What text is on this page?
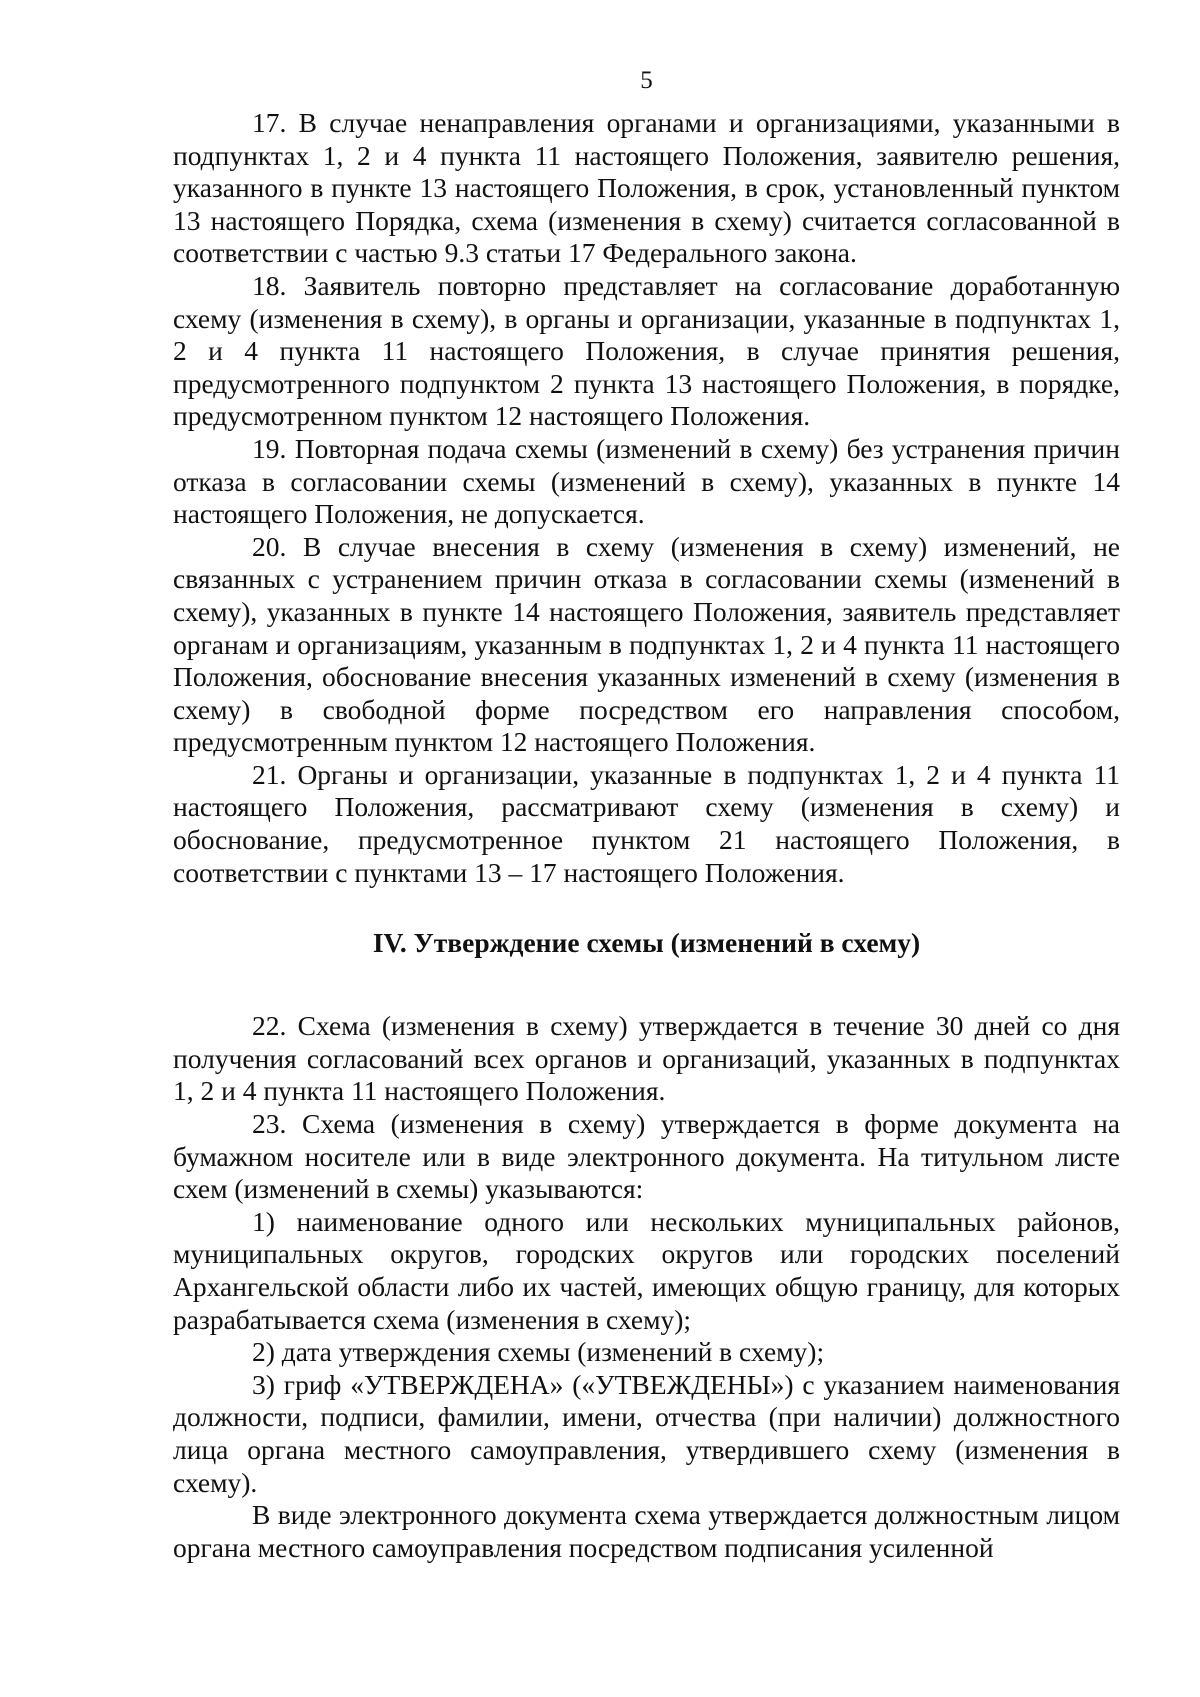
5

17. В случае ненаправления органами и организациями, указанными в подпунктах 1, 2 и 4 пункта 11 настоящего Положения, заявителю решения, указанного в пункте 13 настоящего Положения, в срок, установленный пунктом 13 настоящего Порядка, схема (изменения в схему) считается согласованной в соответствии с частью 9.3 статьи 17 Федерального закона.

18. Заявитель повторно представляет на согласование доработанную схему (изменения в схему), в органы и организации, указанные в подпунктах 1, 2 и 4 пункта 11 настоящего Положения, в случае принятия решения, предусмотренного подпунктом 2 пункта 13 настоящего Положения, в порядке, предусмотренном пунктом 12 настоящего Положения.

19. Повторная подача схемы (изменений в схему) без устранения причин отказа в согласовании схемы (изменений в схему), указанных в пункте 14 настоящего Положения, не допускается.

20. В случае внесения в схему (изменения в схему) изменений, не связанных с устранением причин отказа в согласовании схемы (изменений в схему), указанных в пункте 14 настоящего Положения, заявитель представляет органам и организациям, указанным в подпунктах 1, 2 и 4 пункта 11 настоящего Положения, обоснование внесения указанных изменений в схему (изменения в схему) в свободной форме посредством его направления способом, предусмотренным пунктом 12 настоящего Положения.

21. Органы и организации, указанные в подпунктах 1, 2 и 4 пункта 11 настоящего Положения, рассматривают схему (изменения в схему) и обоснование, предусмотренное пунктом 21 настоящего Положения, в соответствии с пунктами 13 – 17 настоящего Положения.

IV. Утверждение схемы (изменений в схему)

22. Схема (изменения в схему) утверждается в течение 30 дней со дня получения согласований всех органов и организаций, указанных в подпунктах 1, 2 и 4 пункта 11 настоящего Положения.

23. Схема (изменения в схему) утверждается в форме документа на бумажном носителе или в виде электронного документа. На титульном листе схем (изменений в схемы) указываются:

1) наименование одного или нескольких муниципальных районов, муниципальных округов, городских округов или городских поселений Архангельской области либо их частей, имеющих общую границу, для которых разрабатывается схема (изменения в схему);

2) дата утверждения схемы (изменений в схему);

3) гриф «УТВЕРЖДЕНА» («УТВЕЖДЕНЫ») с указанием наименования должности, подписи, фамилии, имени, отчества (при наличии) должностного лица органа местного самоуправления, утвердившего схему (изменения в схему).

В виде электронного документа схема утверждается должностным лицом органа местного самоуправления посредством подписания усиленной
